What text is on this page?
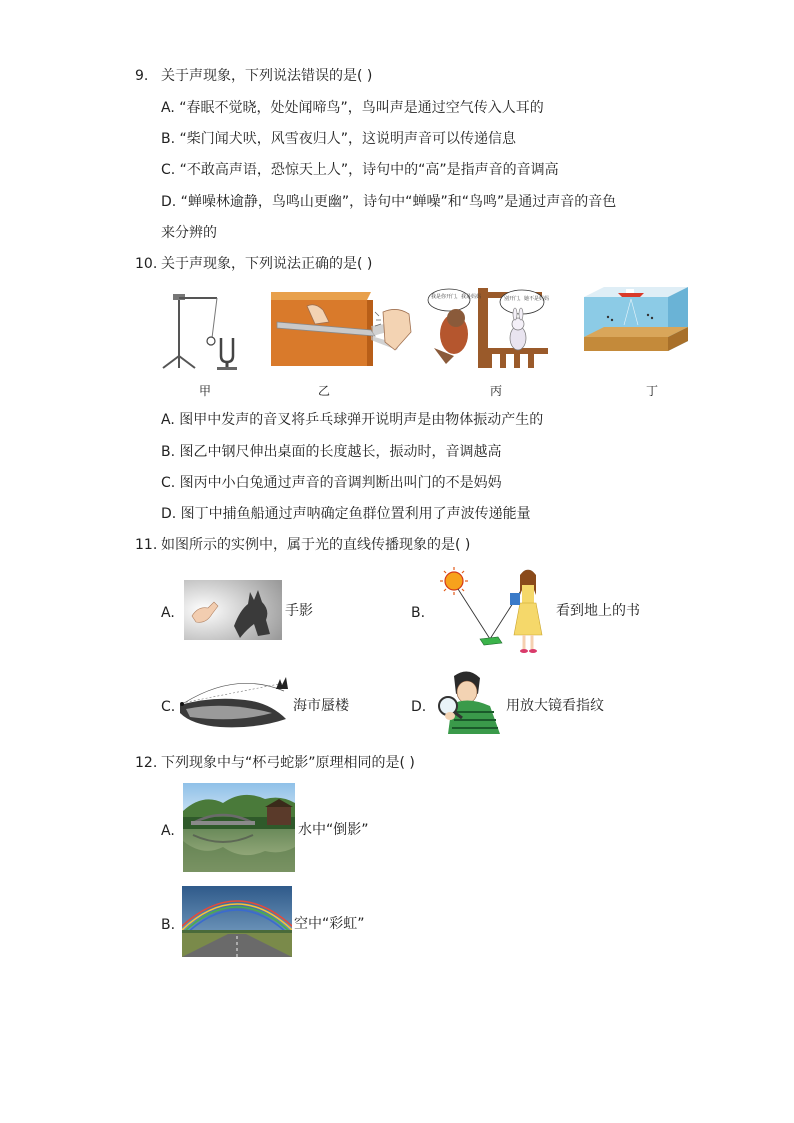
9. 关于声现象，下列说法错误的是( )
A. “春眠不觉晓，处处闻啼鸟”，鸟叫声是通过空气传入人耳的
B. “柴门闻犬吠，风雪夜归人”，这说明声音可以传递信息
C. “不敢高声语，恐惊天上人”，诗句中的“高”是指声音的音调高
D. “蝉噪林逾静，鸟鸣山更幽”，诗句中“蝉噪”和“鸟鸣”是通过声音的音色
来分辨的
10. 关于声现象，下列说法正确的是( )
甲	乙
我是你开门，我是妈妈	别开门，她不是妈妈
丙	丁
A. 图甲中发声的音叉将乒乓球弹开说明声是由物体振动产生的
B. 图乙中钢尺伸出桌面的长度越长，振动时，音调越高
C. 图丙中小白兔通过声音的音调判断出叫门的不是妈妈
D. 图丁中捕鱼船通过声呐确定鱼群位置利用了声波传递能量
11. 如图所示的实例中，属于光的直线传播现象的是( )
A.	手影	B.	看到地上的书
C.	海市蜃楼	D.	用放大镜看指纹
12. 下列现象中与“杯弓蛇影”原理相同的是( )
A.	水中“倒影”
B.	空中“彩虹”
